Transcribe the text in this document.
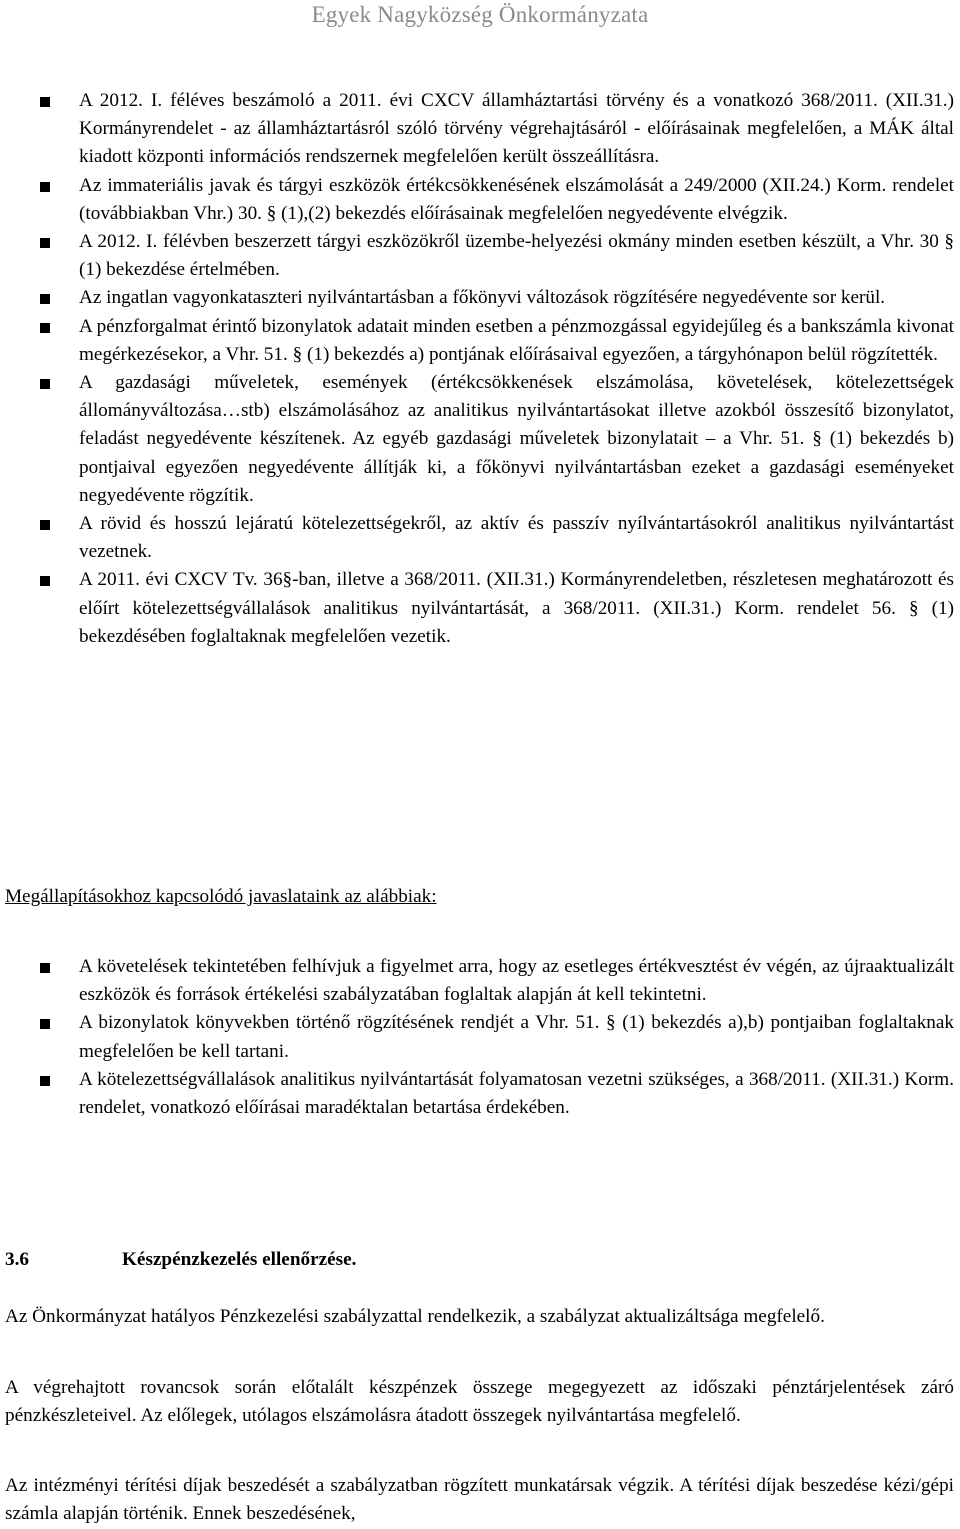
Egyek Nagyközség Önkormányzata
A 2012. I. féléves beszámoló a 2011. évi CXCV államháztartási törvény és a vonatkozó 368/2011. (XII.31.) Kormányrendelet - az államháztartásról szóló törvény végrehajtásáról - előírásainak megfelelően, a MÁK által kiadott központi információs rendszernek megfelelően került összeállításra.
Az immateriális javak és tárgyi eszközök értékcsökkenésének elszámolását a 249/2000 (XII.24.) Korm. rendelet (továbbiakban Vhr.) 30. § (1),(2) bekezdés előírásainak megfelelően negyedévente elvégzik.
A 2012. I. félévben beszerzett tárgyi eszközökről üzembe-helyezési okmány minden esetben készült, a Vhr. 30 § (1) bekezdése értelmében.
Az ingatlan vagyonkataszteri nyilvántartásban a főkönyvi változások rögzítésére negyedévente sor kerül.
A pénzforgalmat érintő bizonylatok adatait minden esetben a pénzmozgással egyidejűleg és a bankszámla kivonat megérkezésekor, a Vhr. 51. § (1) bekezdés a) pontjának előírásaival egyezően, a tárgyhónapon belül rögzítették.
A gazdasági műveletek, események (értékcsökkenések elszámolása, követelések, kötelezettségek állományváltozása…stb) elszámolásához az analitikus nyilvántartásokat illetve azokból összesítő bizonylatot, feladást negyedévente készítenek. Az egyéb gazdasági műveletek bizonylatait – a Vhr. 51. § (1) bekezdés b) pontjaival egyezően negyedévente állítják ki, a főkönyvi nyilvántartásban ezeket a gazdasági eseményeket negyedévente rögzítik.
A rövid és hosszú lejáratú kötelezettségekről, az aktív és passzív nyílvántartásokról analitikus nyilvántartást vezetnek.
A 2011. évi CXCV Tv. 36§-ban, illetve a 368/2011. (XII.31.) Kormányrendeletben, részletesen meghatározott és előírt kötelezettségvállalások analitikus nyilvántartását, a 368/2011. (XII.31.) Korm. rendelet 56. § (1) bekezdésében foglaltaknak megfelelően vezetik.
Megállapításokhoz kapcsolódó javaslataink az alábbiak:
A követelések tekintetében felhívjuk a figyelmet arra, hogy az esetleges értékvesztést év végén, az újraaktualizált eszközök és források értékelési szabályzatában foglaltak alapján át kell tekintetni.
A bizonylatok könyvekben történő rögzítésének rendjét a Vhr. 51. § (1) bekezdés a),b) pontjaiban foglaltaknak megfelelően be kell tartani.
A kötelezettségvállalások analitikus nyilvántartását folyamatosan vezetni szükséges, a 368/2011. (XII.31.) Korm. rendelet, vonatkozó előírásai maradéktalan betartása érdekében.
3.6	Készpénzkezelés ellenőrzése.

Az Önkormányzat hatályos Pénzkezelési szabályzattal rendelkezik, a szabályzat aktualizáltsága megfelelő.

A végrehajtott rovancsok során előtalált készpénzek összege megegyezett az időszaki pénztárjelentések záró pénzkészleteivel. Az előlegek, utólagos elszámolásra átadott összegek nyilvántartása megfelelő.

Az intézményi térítési díjak beszedését a szabályzatban rögzített munkatársak végzik. A térítési díjak beszedése kézi/gépi számla alapján történik. Ennek beszedésének,
